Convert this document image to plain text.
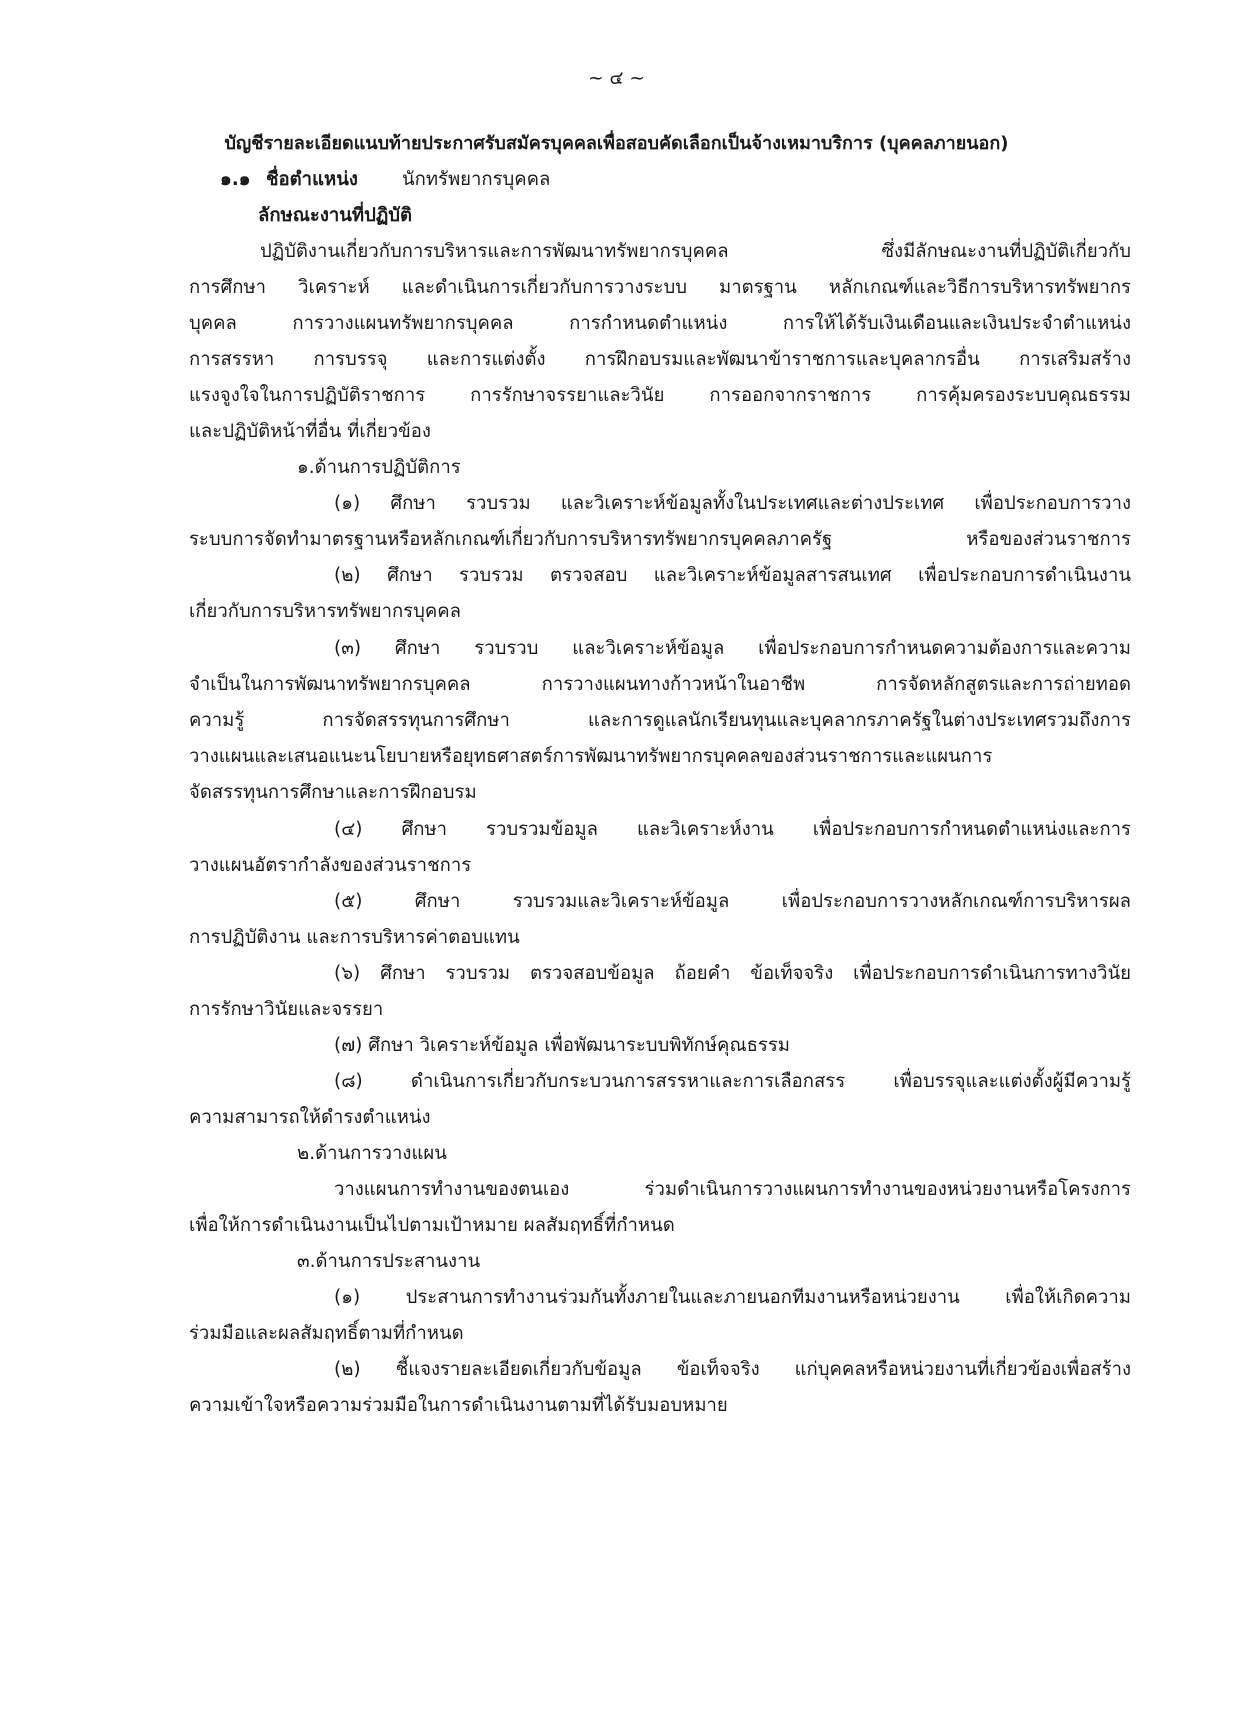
~ ๔ ~
บัญชีรายละเอียดแนบท้ายประกาศรับสมัครบุคคลเพื่อสอบคัดเลือกเป็นจ้างเหมาบริการ (บุคคลภายนอก)
๑.๑ ชื่อตำแหน่ง นักทรัพยากรบุคคล
ลักษณะงานที่ปฏิบัติ
ปฏิบัติงานเกี่ยวกับการบริหารและการพัฒนาทรัพยากรบุคคล ซึ่งมีลักษณะงานที่ปฏิบัติเกี่ยวกับ
การศึกษา วิเคราะห์ และดำเนินการเกี่ยวกับการวางระบบ มาตรฐาน หลักเกณฑ์และวิธีการบริหารทรัพยากร
บุคคล การวางแผนทรัพยากรบุคคล การกำหนดตำแหน่ง การให้ได้รับเงินเดือนและเงินประจำตำแหน่ง
การสรรหา การบรรจุ และการแต่งตั้ง การฝึกอบรมและพัฒนาข้าราชการและบุคลากรอื่น การเสริมสร้าง
แรงจูงใจในการปฏิบัติราชการ การรักษาจรรยาและวินัย การออกจากราชการ การคุ้มครองระบบคุณธรรม
และปฏิบัติหน้าที่อื่น ที่เกี่ยวข้อง
๑.ด้านการปฏิบัติการ
(๑) ศึกษา รวบรวม และวิเคราะห์ข้อมูลทั้งในประเทศและต่างประเทศ เพื่อประกอบการวาง
ระบบการจัดทำมาตรฐานหรือหลักเกณฑ์เกี่ยวกับการบริหารทรัพยากรบุคคลภาครัฐ หรือของส่วนราชการ
(๒) ศึกษา รวบรวม ตรวจสอบ และวิเคราะห์ข้อมูลสารสนเทศ เพื่อประกอบการดำเนินงาน
เกี่ยวกับการบริหารทรัพยากรบุคคล
(๓) ศึกษา รวบรวบ และวิเคราะห์ข้อมูล เพื่อประกอบการกำหนดความต้องการและความ
จำเป็นในการพัฒนาทรัพยากรบุคคล การวางแผนทางก้าวหน้าในอาชีพ การจัดหลักสูตรและการถ่ายทอด
ความรู้ การจัดสรรทุนการศึกษา และการดูแลนักเรียนทุนและบุคลากรภาครัฐในต่างประเทศรวมถึงการ
วางแผนและเสนอแนะนโยบายหรือยุทธศาสตร์การพัฒนาทรัพยากรบุคคลของส่วนราชการและแผนการ
จัดสรรทุนการศึกษาและการฝึกอบรม
(๔) ศึกษา รวบรวมข้อมูล และวิเคราะห์งาน เพื่อประกอบการกำหนดตำแหน่งและการ
วางแผนอัตรากำลังของส่วนราชการ
(๕) ศึกษา รวบรวมและวิเคราะห์ข้อมูล เพื่อประกอบการวางหลักเกณฑ์การบริหารผล
การปฏิบัติงาน และการบริหารค่าตอบแทน
(๖) ศึกษา รวบรวม ตรวจสอบข้อมูล ถ้อยคำ ข้อเท็จจริง เพื่อประกอบการดำเนินการทางวินัย
การรักษาวินัยและจรรยา
(๗) ศึกษา วิเคราะห์ข้อมูล เพื่อพัฒนาระบบพิทักษ์คุณธรรม
(๘) ดำเนินการเกี่ยวกับกระบวนการสรรหาและการเลือกสรร เพื่อบรรจุและแต่งตั้งผู้มีความรู้
ความสามารถให้ดำรงตำแหน่ง
๒.ด้านการวางแผน
วางแผนการทำงานของตนเอง ร่วมดำเนินการวางแผนการทำงานของหน่วยงานหรือโครงการ
เพื่อให้การดำเนินงานเป็นไปตามเป้าหมาย ผลสัมฤทธิ์ที่กำหนด
๓.ด้านการประสานงาน
(๑) ประสานการทำงานร่วมกันทั้งภายในและภายนอกทีมงานหรือหน่วยงาน เพื่อให้เกิดความ
ร่วมมือและผลสัมฤทธิ์ตามที่กำหนด
(๒) ชี้แจงรายละเอียดเกี่ยวกับข้อมูล ข้อเท็จจริง แก่บุคคลหรือหน่วยงานที่เกี่ยวข้องเพื่อสร้าง
ความเข้าใจหรือความร่วมมือในการดำเนินงานตามที่ได้รับมอบหมาย
